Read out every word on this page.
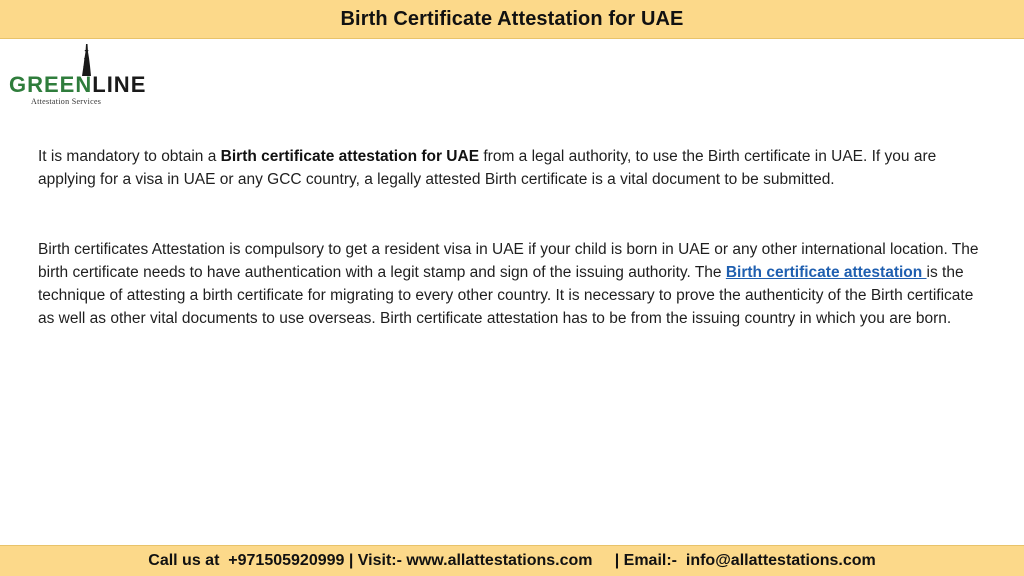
Birth Certificate Attestation for UAE
GREENLINE
Attestation Services

It is mandatory to obtain a Birth certificate attestation for UAE from a legal authority, to use the Birth certificate in UAE. If you are applying for a visa in UAE or any GCC country, a legally attested Birth certificate is a vital document to be submitted.

Birth certificates Attestation is compulsory to get a resident visa in UAE if your child is born in UAE or any other international location. The birth certificate needs to have authentication with a legit stamp and sign of the issuing authority. The Birth certificate attestation is the technique of attesting a birth certificate for migrating to every other country. It is necessary to prove the authenticity of the Birth certificate as well as other vital documents to use overseas. Birth certificate attestation has to be from the issuing country in which you are born.

Call us at  +971505920999 | Visit:- www.allattestations.com     | Email:-  info@allattestations.com
